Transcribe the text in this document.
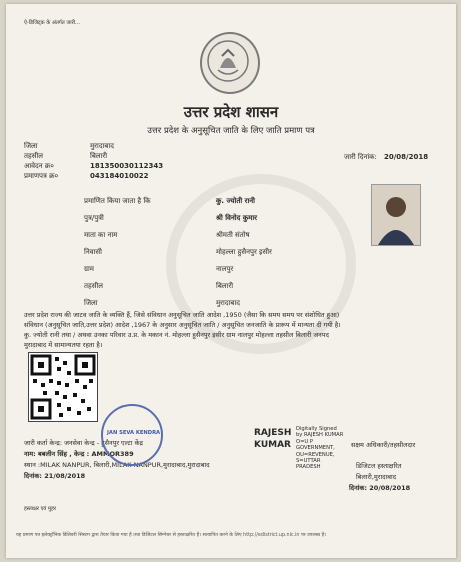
ऐ-डिजिट्क के अंतर्गत जारी...
उत्तर प्रदेश शासन
उत्तर प्रदेश के अनुसूचित जाति के लिए जाति प्रमाण पत्र
जिला	मुरादाबाद
तहसील	बिलारी
आवेदन क्र०	181350030112343
प्रमाणपत्र क्र०	043184010022
जारी दिनांक: 20/08/2018
प्रमाणित किया जाता है कि	कु. ज्योती रानी
पुत्र/पुत्री	श्री विनोद कुमार
माता का नाम	श्रीमती संतोष
निवासी	मोहल्ला हुसैनपुर इसीर
ग्राम	नालपुर
तहसील	बिलारी
जिला	मुरादाबाद
उत्तर प्रदेश राज्य की जाटव जाति के व्यक्ति हैं, जिसे संविधान अनुसूचित जाति आदेश ,1950 (जैसा कि समय समय पर संशोधित हुआ)
संविधान (अनुसूचित जाति,उत्तर प्रदेश) आदेश ,1967 के अनुसार अनुसूचित जाति / अनुसूचित जनजाति के प्रारूप में मान्यता दी गयी है।
कु. ज्योती रानी तथा / अथवा उनका परिवार उ.प्र. के मकान नं. मोहल्ला हुसैनपुर इसीर ग्राम नालपुर मोहल्ला तहसील बिलारी जनपद
मुरादाबाद में सामान्यतया रहता है।
जारी कर्ता केन्द्र: जनसेवा केन्द्र - हुसैनपुर एल्टा केंद्र
नाम: बबलीन सिंह , केन्द्र : AMMOR389
स्थान :MILAK NANPUR, बिलारी,MILAK NANPUR,मुरादाबाद,मुरादाबाद
दिनांक: 21/08/2018
हस्ताक्षर एवं मुहर
JAN SEVA KENDRA	RAJESH
KUMAR
Digitally Signed by RAJESH KUMAR O=U P GOVERNMENT, OU=REVENUE, S=UTTAR PRADESH
सक्षम अधिकारी/तहसीलदार
डिजिटल हस्ताक्षरित
बिलारी,मुरादाबाद
दिनांक: 20/08/2018
यह प्रमाण पत्र इलेक्ट्रॉनिक डिलिवरी सिस्टम द्वारा तैयार किया गया है तथा डिजिटल सिग्नेचर से हस्ताक्षरित है। सत्यापित करने के लिए http://edistrict.up.nic.in पर उपलब्ध है।
